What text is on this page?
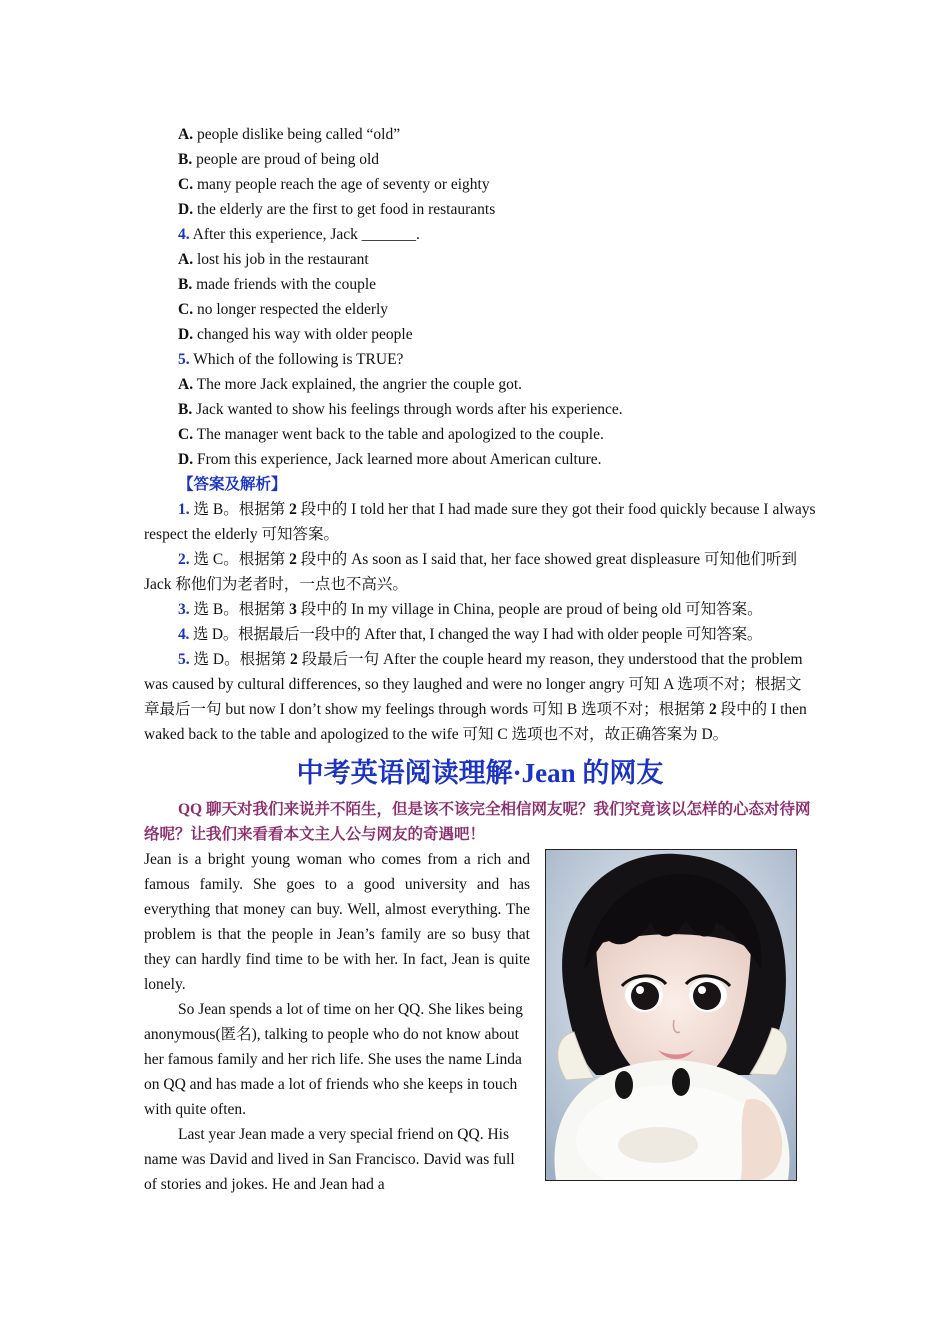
A. people dislike being called “old”
B. people are proud of being old
C. many people reach the age of seventy or eighty
D. the elderly are the first to get food in restaurants
4. After this experience, Jack _______.
A. lost his job in the restaurant
B. made friends with the couple
C. no longer respected the elderly
D. changed his way with older people
5. Which of the following is TRUE?
A. The more Jack explained, the angrier the couple got.
B. Jack wanted to show his feelings through words after his experience.
C. The manager went back to the table and apologized to the couple.
D. From this experience, Jack learned more about American culture.
【答案及解析】

1. 选 B。根据第 2 段中的 I told her that I had made sure they got their food quickly because I always respect the elderly 可知答案。

2. 选 C。根据第 2 段中的 As soon as I said that, her face showed great displeasure 可知他们听到 Jack 称他们为老者时，一点也不高兴。

3. 选 B。根据第 3 段中的 In my village in China, people are proud of being old 可知答案。

4. 选 D。根据最后一段中的 After that, I changed the way I had with older people 可知答案。

5. 选 D。根据第 2 段最后一句 After the couple heard my reason, they understood that the problem was caused by cultural differences, so they laughed and were no longer angry 可知 A 选项不对；根据文章最后一句 but now I don’t show my feelings through words 可知 B 选项不对；根据第 2 段中的 I then waked back to the table and apologized to the wife 可知 C 选项也不对，故正确答案为 D。

中考英语阅读理解·Jean 的网友

QQ 聊天对我们来说并不陌生，但是该不该完全相信网友呢？我们究竟该以怎样的心态对待网络呢？让我们来看看本文主人公与网友的奇遇吧！

Jean is a bright young woman who comes from a rich and famous family. She goes to a good university and has everything that money can buy. Well, almost everything. The problem is that the people in Jean’s family are so busy that they can hardly find time to be with her. In fact, Jean is quite lonely.

So Jean spends a lot of time on her QQ. She likes being anonymous(匿名), talking to people who do not know about her famous family and her rich life. She uses the name Linda on QQ and has made a lot of friends who she keeps in touch with quite often.

Last year Jean made a very special friend on QQ. His name was David and lived in San Francisco. David was full of stories and jokes. He and Jean had a
